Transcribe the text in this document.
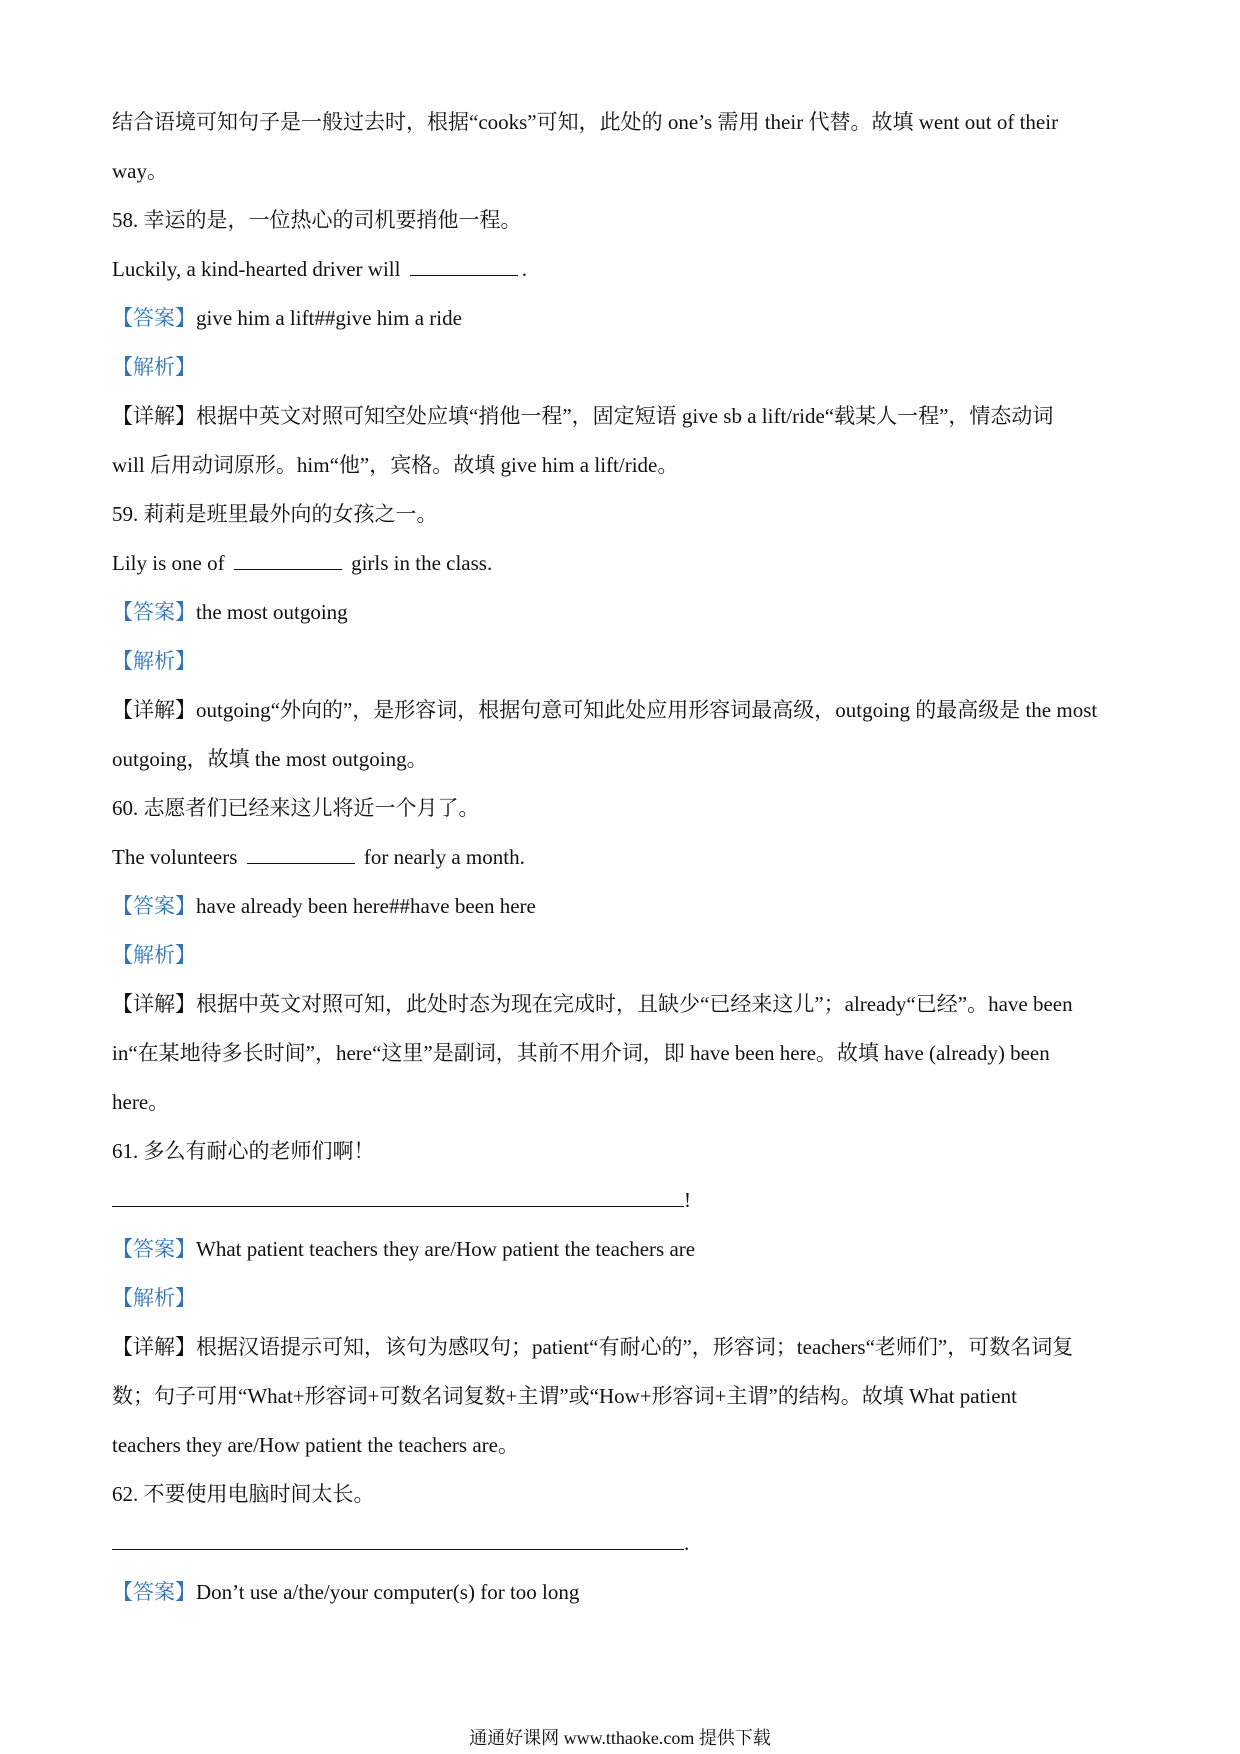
结合语境可知句子是一般过去时，根据“cooks”可知，此处的 one’s 需用 their 代替。故填 went out of their
way。
58. 幸运的是，一位热心的司机要捎他一程。
Luckily, a kind-hearted driver will	.
【答案】give him a lift##give him a ride
【解析】
【详解】根据中英文对照可知空处应填“捎他一程”，固定短语 give sb a lift/ride“载某人一程”，情态动词
will 后用动词原形。him“他”，宾格。故填 give him a lift/ride。
59. 莉莉是班里最外向的女孩之一。
Lily is one of	girls in the class.
【答案】the most outgoing
【解析】
【详解】outgoing“外向的”，是形容词，根据句意可知此处应用形容词最高级，outgoing 的最高级是 the most
outgoing，故填 the most outgoing。
60. 志愿者们已经来这儿将近一个月了。
The volunteers	for nearly a month.
【答案】have already been here##have been here
【解析】
【详解】根据中英文对照可知，此处时态为现在完成时，且缺少“已经来这儿”；already“已经”。have been
in“在某地待多长时间”，here“这里”是副词，其前不用介词，即 have been here。故填 have (already) been
here。
61. 多么有耐心的老师们啊！
!
【答案】What patient teachers they are/How patient the teachers are
【解析】
【详解】根据汉语提示可知，该句为感叹句；patient“有耐心的”，形容词；teachers“老师们”，可数名词复
数；句子可用“What+形容词+可数名词复数+主谓”或“How+形容词+主谓”的结构。故填 What patient
teachers they are/How patient the teachers are。
62. 不要使用电脑时间太长。
.
【答案】Don’t use a/the/your computer(s) for too long
通通好课网 www.tthaoke.com 提供下载
